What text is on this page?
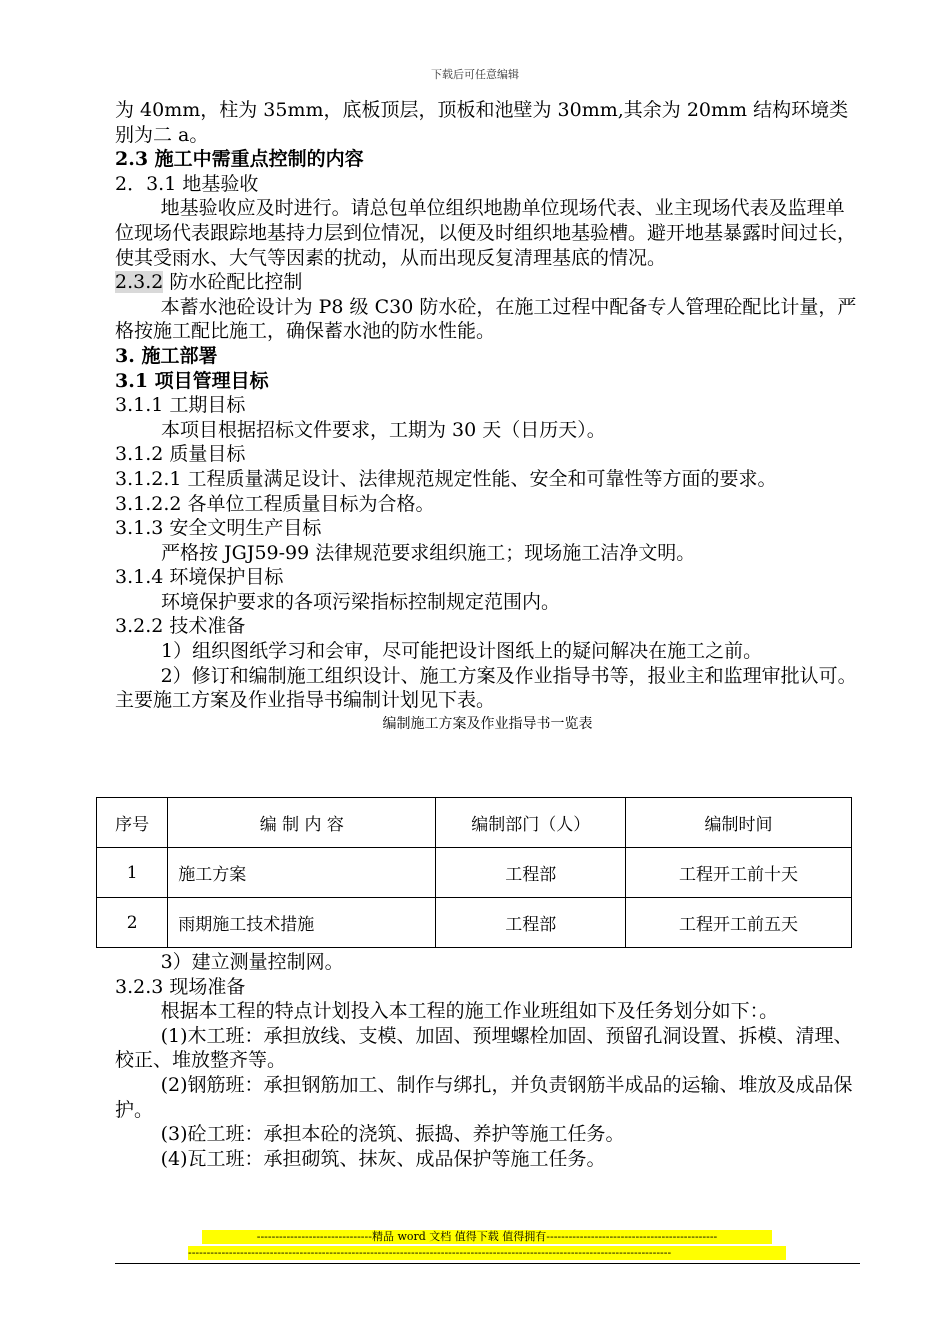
下载后可任意编辑

为 40mm，柱为 35mm，底板顶层，顶板和池壁为 30mm,其余为 20mm 结构环境类别为二 a。

2.3 施工中需重点控制的内容

2．3.1 地基验收

地基验收应及时进行。请总包单位组织地勘单位现场代表、业主现场代表及监理单位现场代表跟踪地基持力层到位情况，以便及时组织地基验槽。避开地基暴露时间过长，使其受雨水、大气等因素的扰动，从而出现反复清理基底的情况。

2.3.2 防水砼配比控制

本蓄水池砼设计为 P8 级 C30 防水砼，在施工过程中配备专人管理砼配比计量，严格按施工配比施工，确保蓄水池的防水性能。

3. 施工部署

3.1 项目管理目标

3.1.1 工期目标

本项目根据招标文件要求，工期为 30 天（日历天）。

3.1.2 质量目标

3.1.2.1 工程质量满足设计、法律规范规定性能、安全和可靠性等方面的要求。

3.1.2.2 各单位工程质量目标为合格。

3.1.3 安全文明生产目标

严格按 JGJ59-99 法律规范要求组织施工；现场施工洁净文明。

3.1.4 环境保护目标

环境保护要求的各项污梁指标控制规定范围内。

3.2.2 技术准备

1）组织图纸学习和会审，尽可能把设计图纸上的疑问解决在施工之前。

2）修订和编制施工组织设计、施工方案及作业指导书等，报业主和监理审批认可。主要施工方案及作业指导书编制计划见下表。

编制施工方案及作业指导书一览表

序号	编 制 内 容	编制部门（人）	编制时间
1	施工方案	工程部	工程开工前十天
2	雨期施工技术措施	工程部	工程开工前五天

3）建立测量控制网。

3.2.3 现场准备

根据本工程的特点计划投入本工程的施工作业班组如下及任务划分如下：。

(1)木工班：承担放线、支模、加固、预埋螺栓加固、预留孔洞设置、拆模、清理、校正、堆放整齐等。

(2)钢筋班：承担钢筋加工、制作与绑扎，并负责钢筋半成品的运输、堆放及成品保护。

(3)砼工班：承担本砼的浇筑、振捣、养护等施工任务。

(4)瓦工班：承担砌筑、抹灰、成品保护等施工任务。

-------------------------------精品 word 文档 值得下载 值得拥有----------------------------------------------
----------------------------------------------------------------------------------------------------------------------------------
